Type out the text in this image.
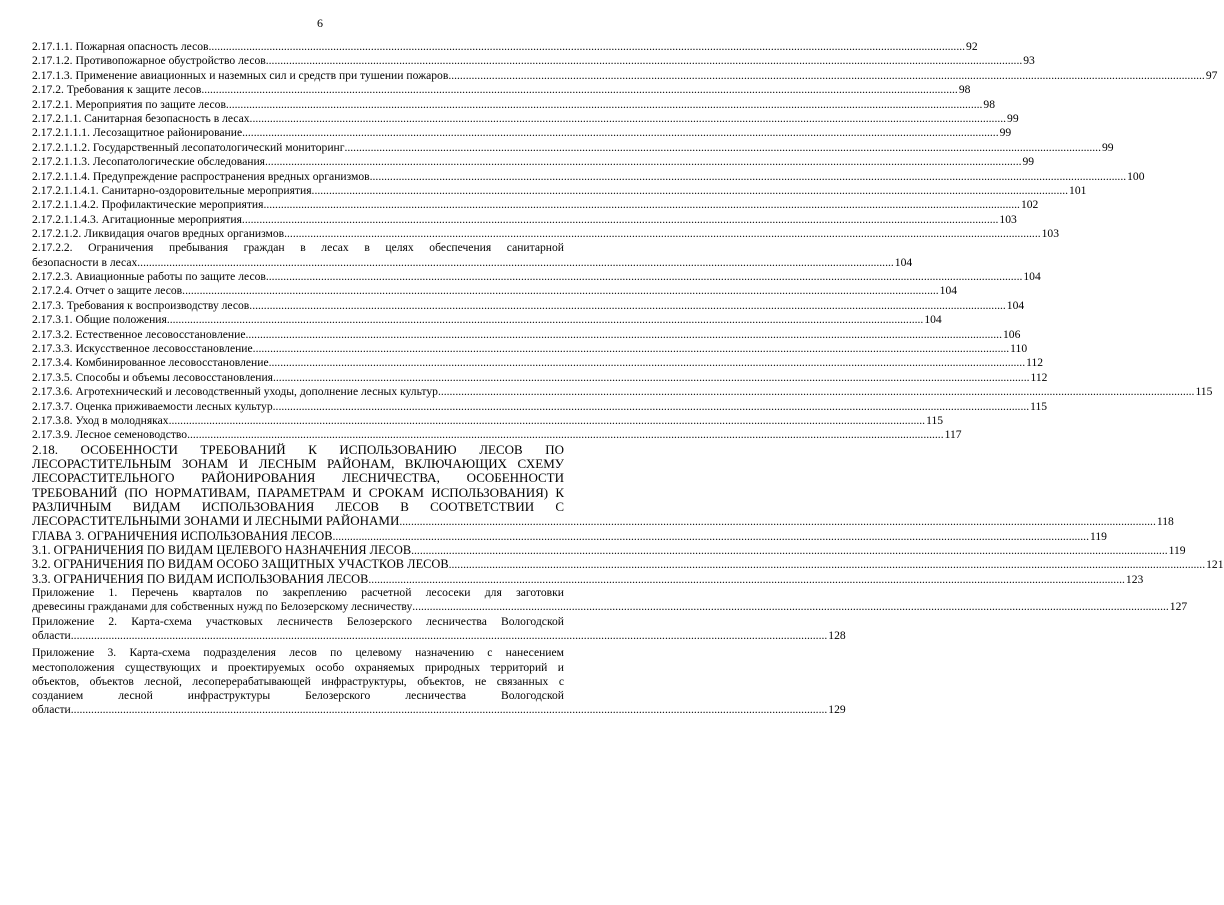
6
2.17.1.1. Пожарная опасность лесов .....	92
2.17.1.2. Противопожарное обустройство лесов .....	93
2.17.1.3. Применение авиационных и наземных сил и средств при тушении пожаров .....	97
2.17.2. Требования к защите лесов .....	98
2.17.2.1. Мероприятия по защите лесов .....	98
2.17.2.1.1. Санитарная безопасность в лесах .....	99
2.17.2.1.1.1. Лесозащитное районирование .....	99
2.17.2.1.1.2. Государственный лесопатологический мониторинг .....	99
2.17.2.1.1.3. Лесопатологические обследования .....	99
2.17.2.1.1.4. Предупреждение распространения вредных организмов .....	100
2.17.2.1.1.4.1. Санитарно-оздоровительные мероприятия .....	101
2.17.2.1.1.4.2. Профилактические мероприятия .....	102
2.17.2.1.1.4.3. Агитационные мероприятия .....	103
2.17.2.1.2. Ликвидация очагов вредных организмов .....	103
2.17.2.2. Ограничения пребывания граждан в лесах в целях обеспечения санитарной
безопасности в лесах .....	104
2.17.2.3. Авиационные работы по защите лесов .....	104
2.17.2.4. Отчет о защите лесов .....	104
2.17.3. Требования к воспроизводству лесов .....	104
2.17.3.1. Общие положения .....	104
2.17.3.2. Естественное лесовосстановление .....	106
2.17.3.3. Искусственное лесовосстановление .....	110
2.17.3.4. Комбинированное лесовосстановление .....	112
2.17.3.5. Способы и объемы лесовосстановления .....	112
2.17.3.6. Агротехнический и лесоводственный уходы, дополнение лесных культур .....	115
2.17.3.7. Оценка приживаемости лесных культур .....	115
2.17.3.8. Уход в молодняках .....	115
2.17.3.9. Лесное семеноводство .....	117
2.18. ОСОБЕННОСТИ ТРЕБОВАНИЙ К ИСПОЛЬЗОВАНИЮ ЛЕСОВ ПО
ЛЕСОРАСТИТЕЛЬНЫМ ЗОНАМ И ЛЕСНЫМ РАЙОНАМ, ВКЛЮЧАЮЩИХ СХЕМУ
ЛЕСОРАСТИТЕЛЬНОГО РАЙОНИРОВАНИЯ ЛЕСНИЧЕСТВА, ОСОБЕННОСТИ
ТРЕБОВАНИЙ (ПО НОРМАТИВАМ, ПАРАМЕТРАМ И СРОКАМ ИСПОЛЬЗОВАНИЯ) К
РАЗЛИЧНЫМ ВИДАМ ИСПОЛЬЗОВАНИЯ ЛЕСОВ В СООТВЕТСТВИИ С
ЛЕСОРАСТИТЕЛЬНЫМИ ЗОНАМИ И ЛЕСНЫМИ РАЙОНАМИ .....	118
ГЛАВА 3. ОГРАНИЧЕНИЯ ИСПОЛЬЗОВАНИЯ ЛЕСОВ .....	119
3.1. ОГРАНИЧЕНИЯ ПО ВИДАМ ЦЕЛЕВОГО НАЗНАЧЕНИЯ ЛЕСОВ .....	119
3.2. ОГРАНИЧЕНИЯ ПО ВИДАМ ОСОБО ЗАЩИТНЫХ УЧАСТКОВ ЛЕСОВ .....	121
3.3. ОГРАНИЧЕНИЯ ПО ВИДАМ ИСПОЛЬЗОВАНИЯ ЛЕСОВ .....	123
Приложение 1. Перечень кварталов по закреплению расчетной лесосеки для заготовки
древесины гражданами для собственных нужд по Белозерскому лесничеству .....	127
Приложение 2. Карта-схема участковых лесничеств Белозерского лесничества Вологодской
области .....	128
Приложение 3. Карта-схема подразделения лесов по целевому назначению с нанесением
местоположения существующих и проектируемых особо охраняемых природных территорий и
объектов, объектов лесной, лесоперерабатывающей инфраструктуры, объектов, не связанных с
созданием лесной инфраструктуры Белозерского лесничества Вологодской
области .....	129
